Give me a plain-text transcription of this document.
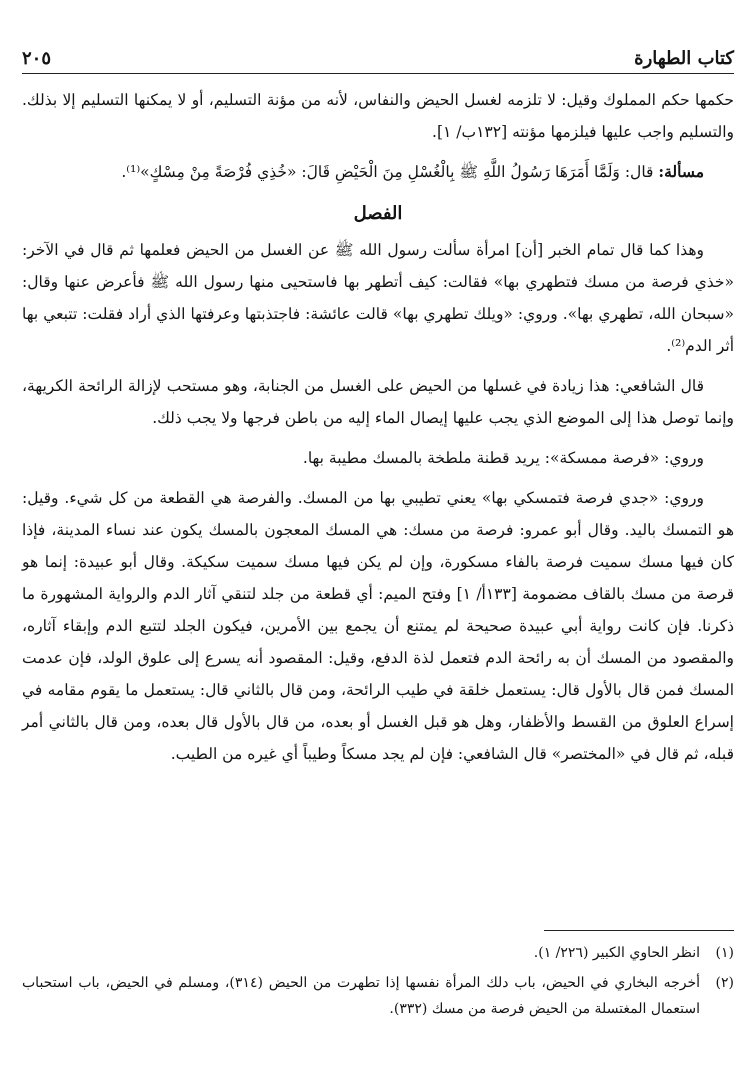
كتاب الطهارة
٢٠٥

حكمها حكم المملوك وقيل: لا تلزمه لغسل الحيض والنفاس، لأنه من مؤنة التسليم، أو لا يمكنها التسليم إلا بذلك. والتسليم واجب عليها فيلزمها مؤنته [١٣٢ب/ ١].

مسألة: قال: وَلَمَّا أَمَرَهَا رَسُولُ اللَّهِ ﷺ بِالْغُسْلِ مِنَ الْحَيْضِ قَالَ: «خُذِي فُرْصَةً مِنْ مِسْكٍ»⁽¹⁾.

الفصل

وهذا كما قال تمام الخبر [أن] امرأة سألت رسول الله ﷺ عن الغسل من الحيض فعلمها ثم قال في الآخر: «خذي فرصة من مسك فتطهري بها» فقالت: كيف أتطهر بها فاستحيى منها رسول الله ﷺ فأعرض عنها وقال: «سبحان الله، تطهري بها». وروي: «ويلك تطهري بها» قالت عائشة: فاجتذبتها وعرفتها الذي أراد فقلت: تتبعي بها أثر الدم⁽²⁾.

قال الشافعي: هذا زيادة في غسلها من الحيض على الغسل من الجنابة، وهو مستحب لإزالة الرائحة الكريهة، وإنما توصل هذا إلى الموضع الذي يجب عليها إيصال الماء إليه من باطن فرجها ولا يجب ذلك.

وروي: «فرصة ممسكة»: يريد قطنة ملطخة بالمسك مطيبة بها.

وروي: «جدي فرصة فتمسكي بها» يعني تطيبي بها من المسك. والفرصة هي القطعة من كل شيء. وقيل: هو التمسك باليد. وقال أبو عمرو: فرصة من مسك: هي المسك المعجون بالمسك يكون عند نساء المدينة، فإذا كان فيها مسك سميت فرصة بالفاء مسكورة، وإن لم يكن فيها مسك سميت سكيكة. وقال أبو عبيدة: إنما هو قرصة من مسك بالقاف مضمومة [١٣٣أ/ ١] وفتح الميم: أي قطعة من جلد لتنقي آثار الدم والرواية المشهورة ما ذكرنا. فإن كانت رواية أبي عبيدة صحيحة لم يمتنع أن يجمع بين الأمرين، فيكون الجلد لتتبع الدم وإبقاء آثاره، والمقصود من المسك أن به رائحة الدم فتعمل لذة الدفع، وقيل: المقصود أنه يسرع إلى علوق الولد، فإن عدمت المسك فمن قال بالأول قال: يستعمل خلقة في طيب الرائحة، ومن قال بالثاني قال: يستعمل ما يقوم مقامه في إسراع العلوق من القسط والأظفار، وهل هو قبل الغسل أو بعده، من قال بالأول قال بعده، ومن قال بالثاني أمر قبله، ثم قال في «المختصر» قال الشافعي: فإن لم يجد مسكاً وطيباً أي غيره من الطيب.

(١)
انظر الحاوي الكبير (٢٢٦/ ١).
(٢)
أخرجه البخاري في الحيض، باب دلك المرأة نفسها إذا تطهرت من الحيض (٣١٤)، ومسلم في الحيض، باب استحباب استعمال المغتسلة من الحيض فرصة من مسك (٣٣٢).
